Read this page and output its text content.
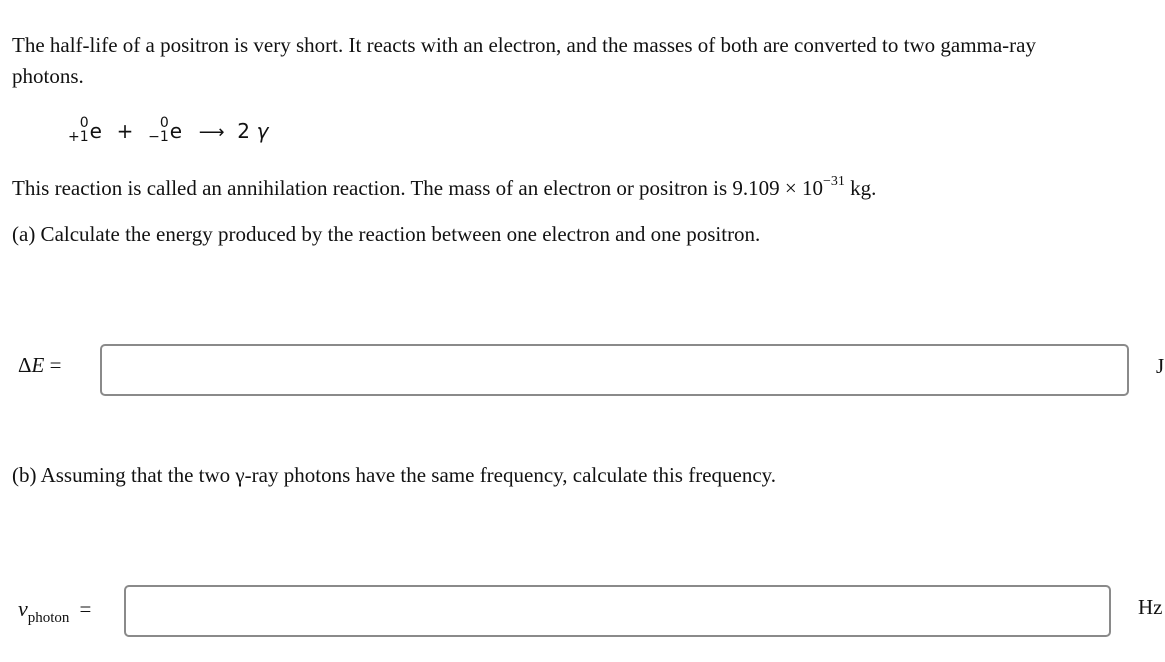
The half-life of a positron is very short. It reacts with an electron, and the masses of both are converted to two gamma-ray photons.

0
+1 e +	0
−1 e ⟶ 2 γ

This reaction is called an annihilation reaction. The mass of an electron or positron is $9.109 \times 10^{-31}$ kg.

(a) Calculate the energy produced by the reaction between one electron and one positron.

ΔE =	J

(b) Assuming that the two γ-ray photons have the same frequency, calculate this frequency.

$\nu_{photon}$ =	Hz
